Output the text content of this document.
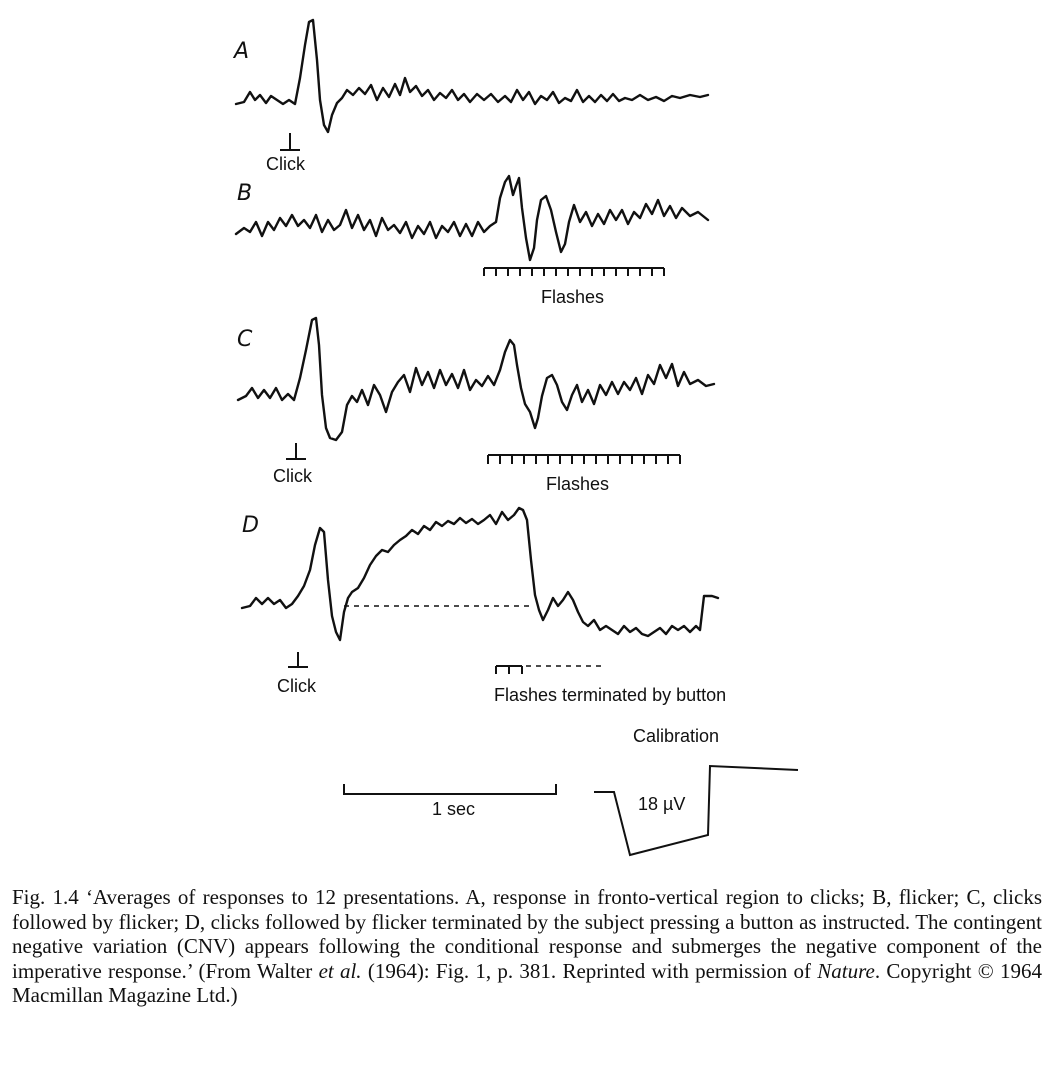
A
Click
B
Flashes
C
Click	Flashes
D
Click	Flashes terminated by button
1 sec
Calibration
18 µV
Fig. 1.4 ‘Averages of responses to 12 presentations. A, response in fronto-vertical region to clicks; B, flicker; C, clicks followed by flicker; D, clicks followed by flicker terminated by the subject pressing a button as instructed. The contingent negative variation (CNV) appears following the conditional response and submerges the negative component of the imperative response.’ (From Walter et al. (1964): Fig. 1, p. 381. Reprinted with permission of Nature. Copyright © 1964 Macmillan Magazine Ltd.)
